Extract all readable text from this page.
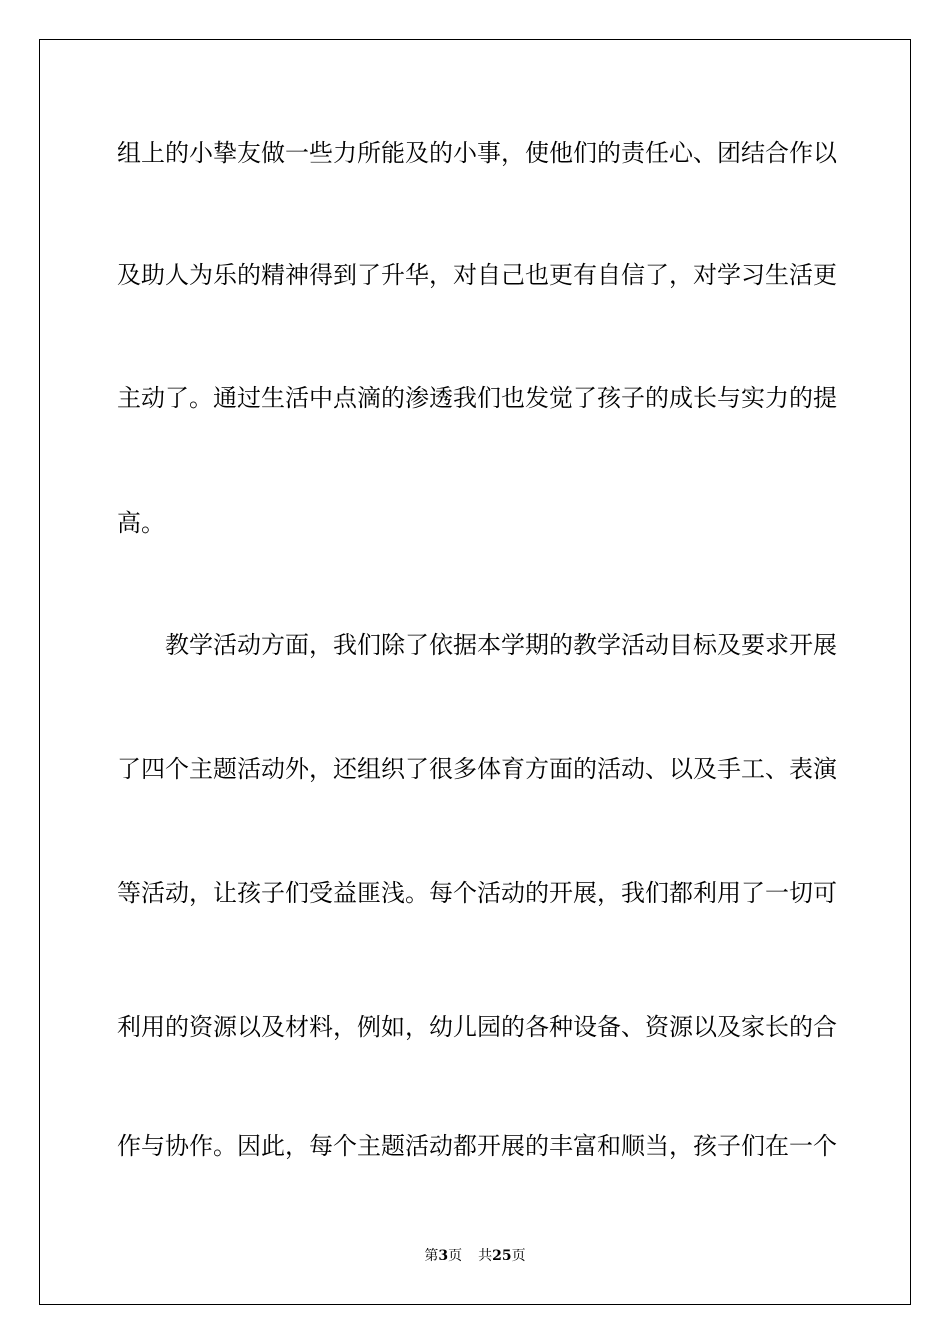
组上的小挚友做一些力所能及的小事，使他们的责任心、团结合作以
及助人为乐的精神得到了升华，对自己也更有自信了，对学习生活更
主动了。通过生活中点滴的渗透我们也发觉了孩子的成长与实力的提
高。
教学活动方面，我们除了依据本学期的教学活动目标及要求开展
了四个主题活动外，还组织了很多体育方面的活动、以及手工、表演
等活动，让孩子们受益匪浅。每个活动的开展，我们都利用了一切可
利用的资源以及材料，例如，幼儿园的各种设备、资源以及家长的合
作与协作。因此，每个主题活动都开展的丰富和顺当，孩子们在一个
第3页 共25页
